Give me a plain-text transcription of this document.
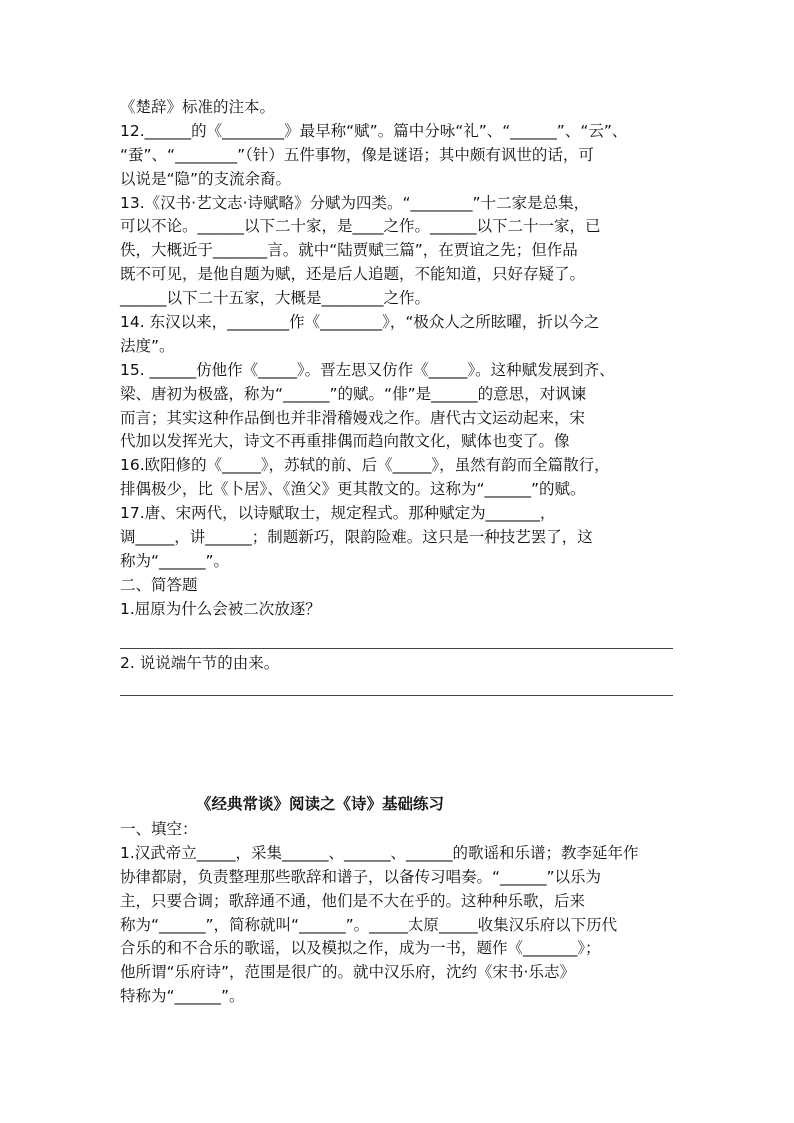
《楚辞》标准的注本。
12.______的《________》最早称“赋”。篇中分咏“礼”、“______”、“云”、
“蚕”、“________”（针）五件事物，像是谜语；其中颇有讽世的话，可
以说是“隐”的支流余裔。
13.《汉书·艺文志·诗赋略》分赋为四类。“________”十二家是总集，
可以不论。______以下二十家，是____之作。______以下二十一家，已
佚，大概近于_______言。就中“陆贾赋三篇”，在贾谊之先；但作品
既不可见，是他自题为赋，还是后人追题，不能知道，只好存疑了。
______以下二十五家，大概是________之作。
14. 东汉以来，________作《________》，“极众人之所眩曜，折以今之
法度”。
15. ______仿他作《_____》。晋左思又仿作《_____》。这种赋发展到齐、
梁、唐初为极盛，称为“______”的赋。“俳”是______的意思，对讽谏
而言；其实这种作品倒也并非滑稽嫚戏之作。唐代古文运动起来，宋
代加以发挥光大，诗文不再重排偶而趋向散文化，赋体也变了。像
16.欧阳修的《_____》，苏轼的前、后《_____》，虽然有韵而全篇散行，
排偶极少，比《卜居》、《渔父》更其散文的。这称为“______”的赋。
17.唐、宋两代，以诗赋取士，规定程式。那种赋定为_______，
调_____，讲______；制题新巧，限韵险难。这只是一种技艺罢了，这
称为“______”。
二、简答题
1.屈原为什么会被二次放逐？
2. 说说端午节的由来。
《经典常谈》阅读之《诗》基础练习
一、填空：
1.汉武帝立_____，采集______、______、______的歌谣和乐谱；教李延年作
协律都尉，负责整理那些歌辞和谱子，以备传习唱奏。“______”以乐为
主，只要合调；歌辞通不通，他们是不大在乎的。这种种乐歌，后来
称为“______”，简称就叫“______”。_____太原_____收集汉乐府以下历代
合乐的和不合乐的歌谣，以及模拟之作，成为一书，题作《_______》；
他所谓“乐府诗”，范围是很广的。就中汉乐府，沈约《宋书·乐志》
特称为“______”。
